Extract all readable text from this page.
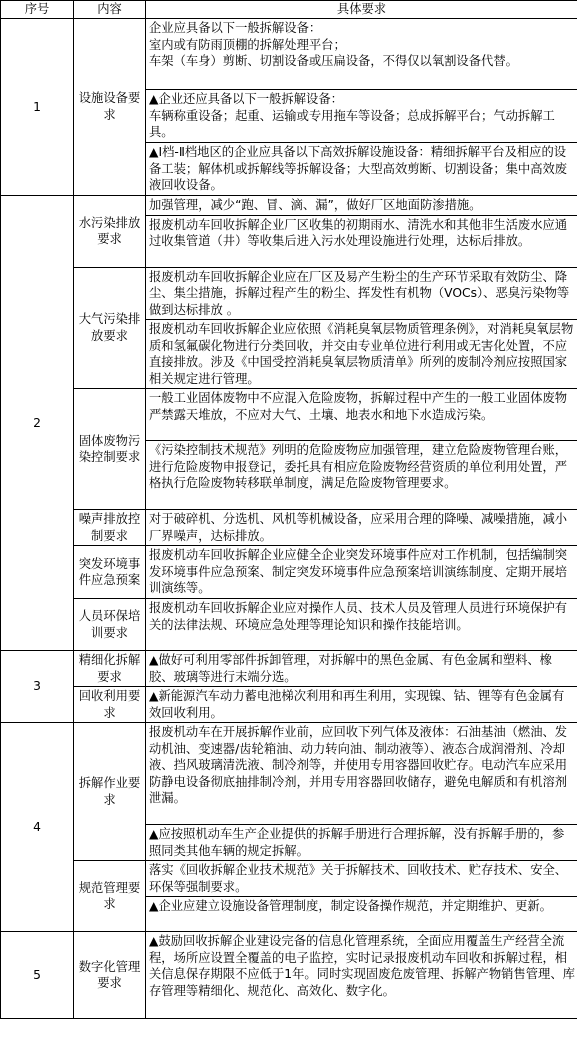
序号	内容	具体要求
1	设施设备要求	企业应具备以下一般拆解设备：
室内或有防雨顶棚的拆解处理平台；
车架（车身）剪断、切割设备或压扁设备，不得仅以氧割设备代替。
		▲企业还应具备以下一般拆解设备：
车辆称重设备；起重、运输或专用拖车等设备；总成拆解平台；气动拆解工具。
		▲Ⅰ档-Ⅱ档地区的企业应具备以下高效拆解设施设备：精细拆解平台及相应的设备工装；解体机或拆解线等拆解设备；大型高效剪断、切割设备；集中高效废液回收设备。
2	水污染排放要求	加强管理，减少“跑、冒、滴、漏”，做好厂区地面防渗措施。
		报废机动车回收拆解企业厂区收集的初期雨水、清洗水和其他非生活废水应通过收集管道（井）等收集后进入污水处理设施进行处理，达标后排放。
	大气污染排放要求	报废机动车回收拆解企业应在厂区及易产生粉尘的生产环节采取有效防尘、降尘、集尘措施，拆解过程产生的粉尘、挥发性有机物（VOCs）、恶臭污染物等做到达标排放 。
		报废机动车回收拆解企业应依照《消耗臭氧层物质管理条例》，对消耗臭氧层物质和氢氟碳化物进行分类回收，并交由专业单位进行利用或无害化处置，不应直接排放。涉及《中国受控消耗臭氧层物质清单》所列的废制冷剂应按照国家相关规定进行管理。
	固体废物污染控制要求	一般工业固体废物中不应混入危险废物，拆解过程中产生的一般工业固体废物严禁露天堆放，不应对大气、土壤、地表水和地下水造成污染。
		《污染控制技术规范》列明的危险废物应加强管理，建立危险废物管理台账，进行危险废物申报登记，委托具有相应危险废物经营资质的单位利用处置，严格执行危险废物转移联单制度，满足危险废物管理要求。
	噪声排放控制要求	对于破碎机、分选机、风机等机械设备，应采用合理的降噪、减噪措施，减小厂界噪声，达标排放。
	突发环境事件应急预案	报废机动车回收拆解企业应健全企业突发环境事件应对工作机制，包括编制突发环境事件应急预案、制定突发环境事件应急预案培训演练制度、定期开展培训演练等。
	人员环保培训要求	报废机动车回收拆解企业应对操作人员、技术人员及管理人员进行环境保护有关的法律法规、环境应急处理等理论知识和操作技能培训。
3	精细化拆解要求	▲做好可利用零部件拆卸管理，对拆解中的黑色金属、有色金属和塑料、橡胶、玻璃等进行末端分选。
	回收利用要求	▲新能源汽车动力蓄电池梯次利用和再生利用，实现镍、钴、锂等有色金属有效回收利用。
4	拆解作业要求	报废机动车在开展拆解作业前，应回收下列气体及液体：石油基油（燃油、发动机油、变速器/齿轮箱油、动力转向油、制动液等）、液态合成润滑剂、冷却液、挡风玻璃清洗液、制冷剂等，并使用专用容器回收贮存。电动汽车应采用防静电设备彻底抽排制冷剂，并用专用容器回收储存，避免电解质和有机溶剂泄漏。
		▲应按照机动车生产企业提供的拆解手册进行合理拆解，没有拆解手册的，参照同类其他车辆的规定拆解。
	规范管理要求	落实《回收拆解企业技术规范》关于拆解技术、回收技术、贮存技术、安全、环保等强制要求。
		▲企业应建立设施设备管理制度，制定设备操作规范，并定期维护、更新。
5	数字化管理要求	▲鼓励回收拆解企业建设完备的信息化管理系统，全面应用覆盖生产经营全流程，场所应设置全覆盖的电子监控，实时记录报废机动车回收和拆解过程，相关信息保存期限不应低于1年。同时实现固废危废管理、拆解产物销售管理、库存管理等精细化、规范化、高效化、数字化。
